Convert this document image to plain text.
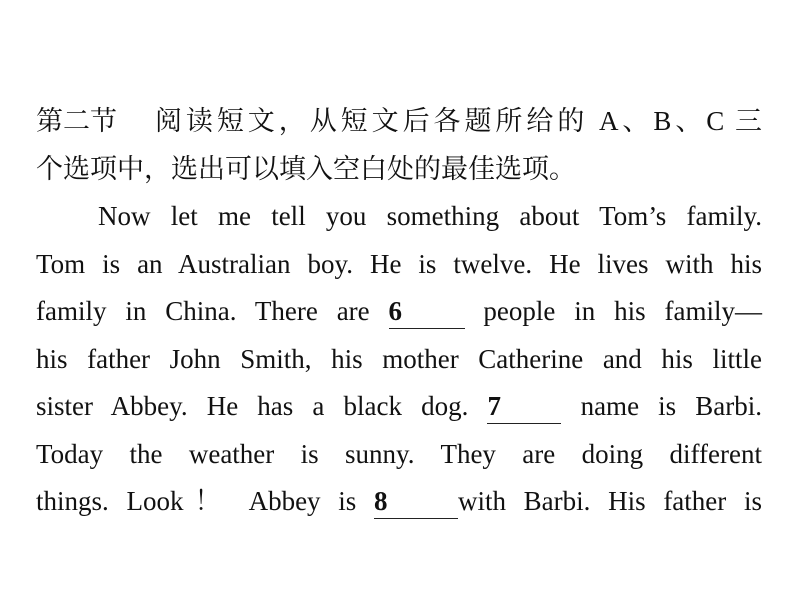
第二节 阅读短文，从短文后各题所给的 A、B、C 三
个选项中，选出可以填入空白处的最佳选项。
Now let me tell you something about Tom’s family.
Tom is an Australian boy. He is twelve. He lives with his
family in China. There are 6	people in his family—
his father John Smith, his mother Catherine and his little
sister Abbey. He has a black dog. 7	name is Barbi.
Today the weather is sunny. They are doing different
things. Look！ Abbey is 8	with Barbi. His father is
